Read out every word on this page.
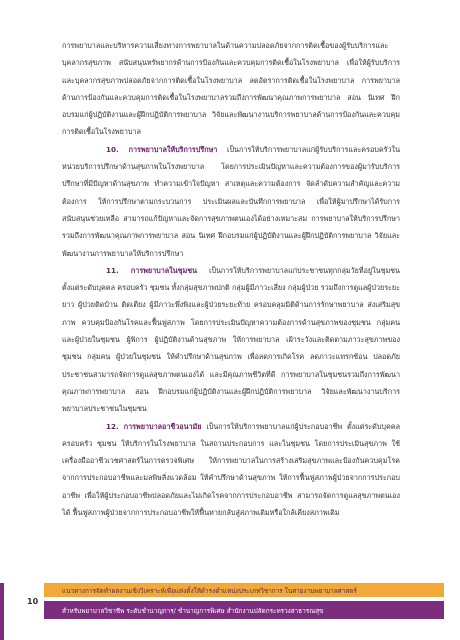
การพยาบาลและบริหารความเสี่ยงทางการพยาบาลในด้านความปลอดภัยจากการติดเชื้อของผู้รับบริการและบุคลากรสุขภาพ สนับสนุนทรัพยากรด้านการป้องกันและควบคุมการติดเชื้อในโรงพยาบาล เพื่อให้ผู้รับบริการและบุคลากรสุขภาพปลอดภัยจากการติดเชื้อในโรงพยาบาล ลดอัตราการติดเชื้อในโรงพยาบาล การพยาบาลด้านการป้องกันและควบคุมการติดเชื้อในโรงพยาบาลรวมถึงการพัฒนาคุณภาพการพยาบาล สอน นิเทศ ฝึกอบรมแก่ผู้ปฏิบัติงานและผู้ฝึกปฏิบัติการพยาบาล วิจัยและพัฒนางานบริการพยาบาลด้านการป้องกันและควบคุมการติดเชื้อในโรงพยาบาล

10. การพยาบาลให้บริการปรึกษา เป็นการให้บริการพยาบาลแก่ผู้รับบริการและครอบครัวในหน่วยบริการปรึกษาด้านสุขภาพในโรงพยาบาล โดยการประเมินปัญหาและความต้องการของผู้มารับบริการปรึกษาที่มีปัญหาด้านสุขภาพ ทำความเข้าใจปัญหา สาเหตุและความต้องการ จัดลำดับความสำคัญและความต้องการ ให้การปรึกษาตามกระบวนการ ประเมินผลและบันทึกการพยาบาล เพื่อให้ผู้มาปรึกษาได้รับการสนับสนุนช่วยเหลือ สามารถแก้ปัญหาและจัดการสุขภาพตนเองได้อย่างเหมาะสม การพยาบาลให้บริการปรึกษารวมถึงการพัฒนาคุณภาพการพยาบาล สอน นิเทศ ฝึกอบรมแก่ผู้ปฏิบัติงานและผู้ฝึกปฏิบัติการพยาบาล วิจัยและพัฒนางานการพยาบาลให้บริการปรึกษา

11. การพยาบาลในชุมชน เป็นการให้บริการพยาบาลแก่ประชาชนทุกกลุ่มวัยที่อยู่ในชุมชน ตั้งแต่ระดับบุคคล ครอบครัว ชุมชน ทั้งกลุ่มสุขภาพปกติ กลุ่มผู้มีภาวะเสี่ยง กลุ่มผู้ป่วย รวมถึงการดูแลผู้ป่วยระยะยาว ผู้ป่วยติดบ้าน ติดเตียง ผู้มีภาวะพึ่งพิงและผู้ป่วยระยะท้าย ครอบคลุมมิติด้านการรักษาพยาบาล ส่งเสริมสุขภาพ ควบคุมป้องกันโรคและฟื้นฟูสภาพ โดยการประเมินปัญหาความต้องการด้านสุขภาพของชุมชน กลุ่มคน และผู้ป่วยในชุมชน ผู้พิการ ผู้ปฏิบัติงานด้านสุขภาพ ให้การพยาบาล เฝ้าระวังและติดตามภาวะสุขภาพของชุมชน กลุ่มคน ผู้ป่วยในชุมชน ให้คำปรึกษาด้านสุขภาพ เพื่อลดการเกิดโรค ลดภาวะแทรกซ้อน ปลอดภัย ประชาชนสามารถจัดการดูแลสุขภาพตนเองได้ และมีคุณภาพชีวิตที่ดี การพยาบาลในชุมชนรวมถึงการพัฒนาคุณภาพการพยาบาล สอน ฝึกอบรมแก่ผู้ปฏิบัติงานและผู้ฝึกปฏิบัติการพยาบาล วิจัยและพัฒนางานบริการพยาบาลประชาชนในชุมชน

12. การพยาบาลอาชีวอนามัย เป็นการให้บริการพยาบาลแก่ผู้ประกอบอาชีพ ตั้งแต่ระดับบุคคล ครอบครัว ชุมชน ให้บริการในโรงพยาบาล ในสถานประกอบการ และในชุมชน โดยการประเมินสุขภาพ ใช้เครื่องมืออาชีวเวชศาสตร์ในการตรวจพิเศษ ให้การพยาบาลในการสร้างเสริมสุขภาพและป้องกันควบคุมโรคจากการประกอบอาชีพและมลพิษสิ่งแวดล้อม ให้คำปรึกษาด้านสุขภาพ ให้การฟื้นฟูสภาพผู้ป่วยจากการประกอบอาชีพ เพื่อให้ผู้ประกอบอาชีพปลอดภัยและไม่เกิดโรคจากการประกอบอาชีพ สามารถจัดการดูแลสุขภาพตนเองได้ ฟื้นฟูสภาพผู้ป่วยจากการประกอบอาชีพให้ฟื้นหายกลับสู่สภาพเดิมหรือใกล้เคียงสภาพเดิม

10
แนวทางการจัดทำผลงานเชิงวิเคราะห์เพื่อแต่งตั้งให้ดำรงตำแหน่งประเภทวิชาการ ในสายงานพยาบาลศาสตร์
สำหรับพยาบาลวิชาชีพ ระดับชำนาญการ/ ชำนาญการพิเศษ สำนักงานปลัดกระทรวงสาธารณสุข
